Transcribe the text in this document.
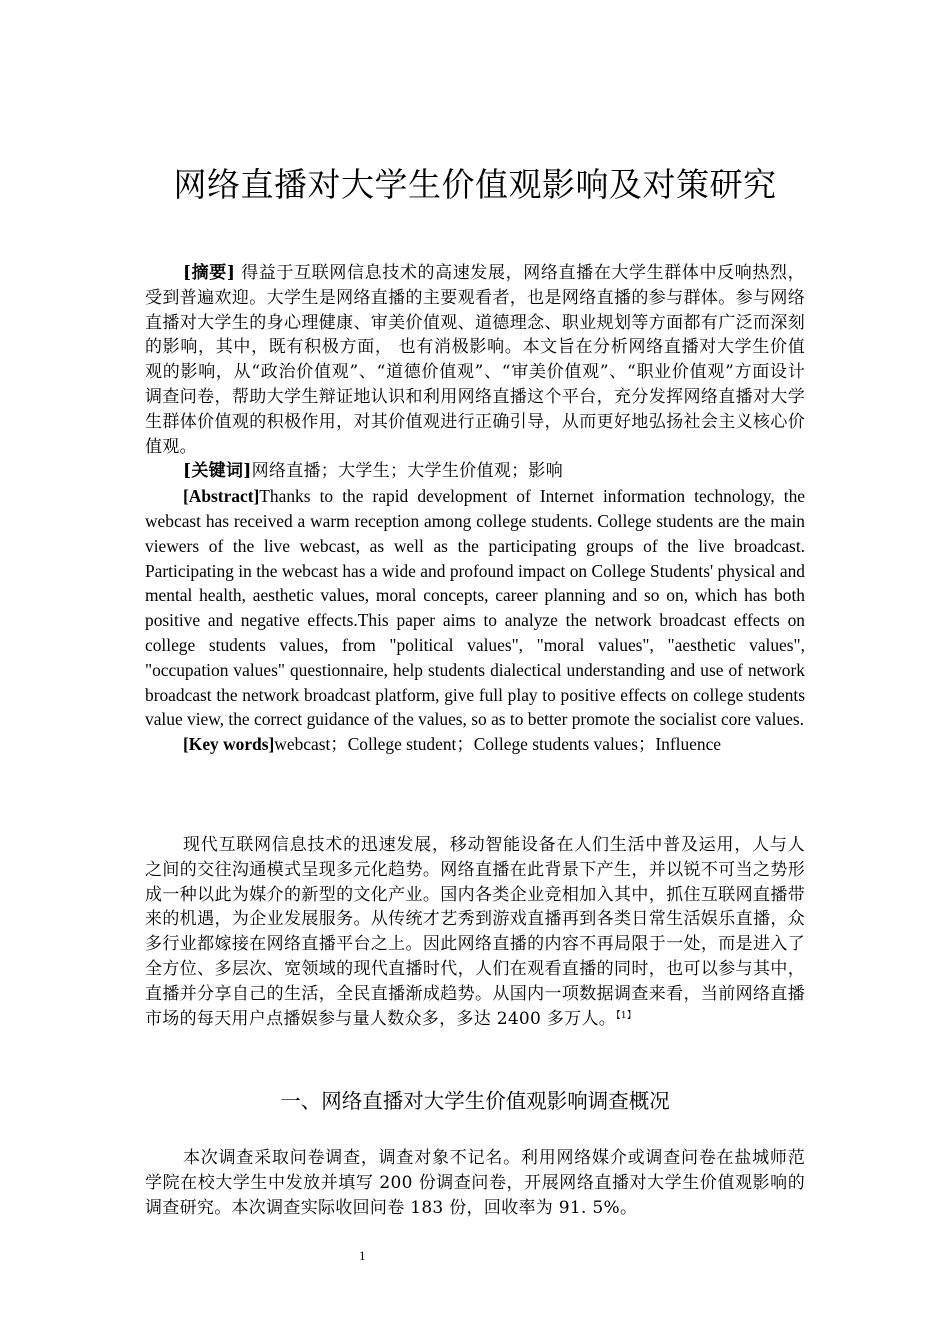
网络直播对大学生价值观影响及对策研究

[摘要] 得益于互联网信息技术的高速发展，网络直播在大学生群体中反响热烈，受到普遍欢迎。大学生是网络直播的主要观看者，也是网络直播的参与群体。参与网络直播对大学生的身心理健康、审美价值观、道德理念、职业规划等方面都有广泛而深刻的影响，其中，既有积极方面， 也有消极影响。本文旨在分析网络直播对大学生价值观的影响，从“政治价值观”、“道德价值观”、“审美价值观”、“职业价值观”方面设计调查问卷，帮助大学生辩证地认识和利用网络直播这个平台，充分发挥网络直播对大学生群体价值观的积极作用，对其价值观进行正确引导，从而更好地弘扬社会主义核心价值观。

[关键词]网络直播；大学生；大学生价值观；影响

[Abstract]Thanks to the rapid development of Internet information technology, the webcast has received a warm reception among college students. College students are the main viewers of the live webcast, as well as the participating groups of the live broadcast. Participating in the webcast has a wide and profound impact on College Students' physical and mental health, aesthetic values, moral concepts, career planning and so on, which has both positive and negative effects.This paper aims to analyze the network broadcast effects on college students values, from "political values", "moral values", "aesthetic values", "occupation values" questionnaire, help students dialectical understanding and use of network broadcast the network broadcast platform, give full play to positive effects on college students value view, the correct guidance of the values, so as to better promote the socialist core values.

[Key words]webcast；College student；College students values；Influence

现代互联网信息技术的迅速发展，移动智能设备在人们生活中普及运用，人与人之间的交往沟通模式呈现多元化趋势。网络直播在此背景下产生，并以锐不可当之势形成一种以此为媒介的新型的文化产业。国内各类企业竞相加入其中，抓住互联网直播带来的机遇，为企业发展服务。从传统才艺秀到游戏直播再到各类日常生活娱乐直播，众多行业都嫁接在网络直播平台之上。因此网络直播的内容不再局限于一处，而是进入了全方位、多层次、宽领域的现代直播时代，人们在观看直播的同时，也可以参与其中，直播并分享自己的生活，全民直播渐成趋势。从国内一项数据调查来看，当前网络直播市场的每天用户点播娱参与量人数众多，多达 2400 多万人。$^{【1】}$

一、网络直播对大学生价值观影响调查概况

本次调查采取问卷调查，调查对象不记名。利用网络媒介或调查问卷在盐城师范学院在校大学生中发放并填写 200 份调查问卷，开展网络直播对大学生价值观影响的调查研究。本次调查实际收回问卷 183 份，回收率为 91. 5%。

1
